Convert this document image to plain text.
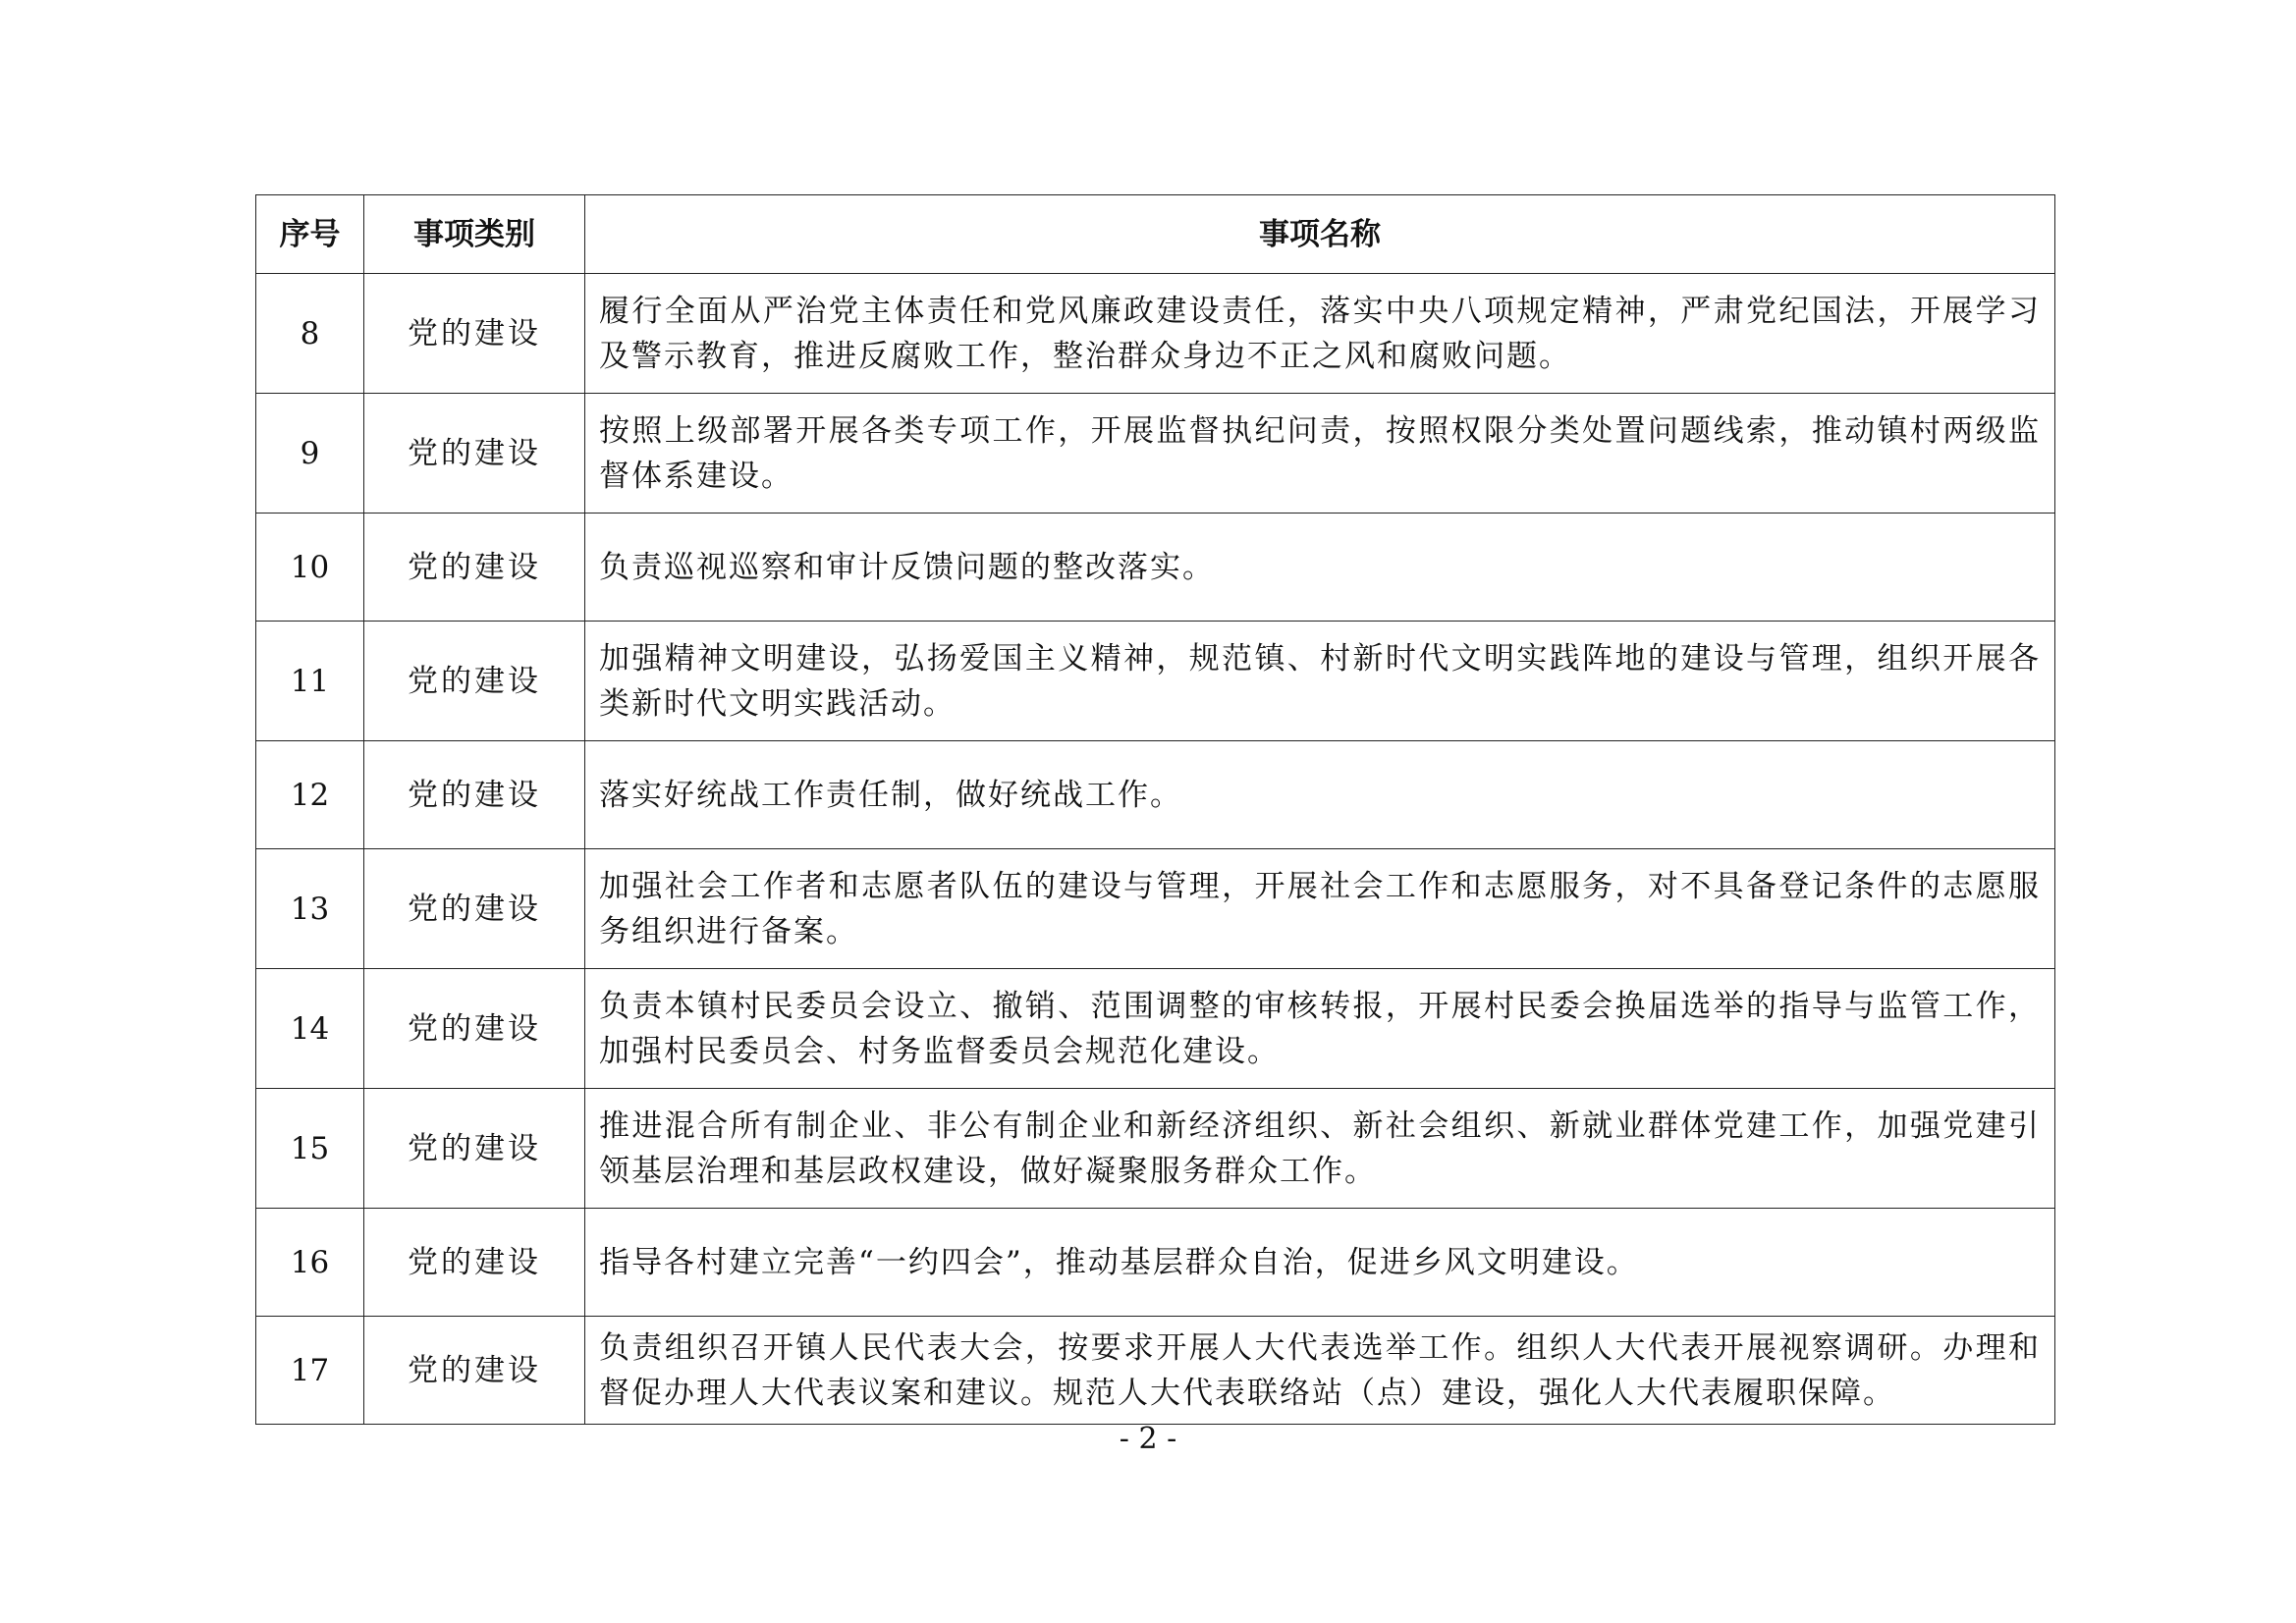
序号	事项类别	事项名称
8	党的建设	履行全面从严治党主体责任和党风廉政建设责任，落实中央八项规定精神，严肃党纪国法，开展学习及警示教育，推进反腐败工作，整治群众身边不正之风和腐败问题。
9	党的建设	按照上级部署开展各类专项工作，开展监督执纪问责，按照权限分类处置问题线索，推动镇村两级监督体系建设。
10	党的建设	负责巡视巡察和审计反馈问题的整改落实。
11	党的建设	加强精神文明建设，弘扬爱国主义精神，规范镇、村新时代文明实践阵地的建设与管理，组织开展各类新时代文明实践活动。
12	党的建设	落实好统战工作责任制，做好统战工作。
13	党的建设	加强社会工作者和志愿者队伍的建设与管理，开展社会工作和志愿服务，对不具备登记条件的志愿服务组织进行备案。
14	党的建设	负责本镇村民委员会设立、撤销、范围调整的审核转报，开展村民委会换届选举的指导与监管工作，加强村民委员会、村务监督委员会规范化建设。
15	党的建设	推进混合所有制企业、非公有制企业和新经济组织、新社会组织、新就业群体党建工作，加强党建引领基层治理和基层政权建设，做好凝聚服务群众工作。
16	党的建设	指导各村建立完善“一约四会”，推动基层群众自治，促进乡风文明建设。
17	党的建设	负责组织召开镇人民代表大会，按要求开展人大代表选举工作。组织人大代表开展视察调研。办理和督促办理人大代表议案和建议。规范人大代表联络站（点）建设，强化人大代表履职保障。
- 2 -
